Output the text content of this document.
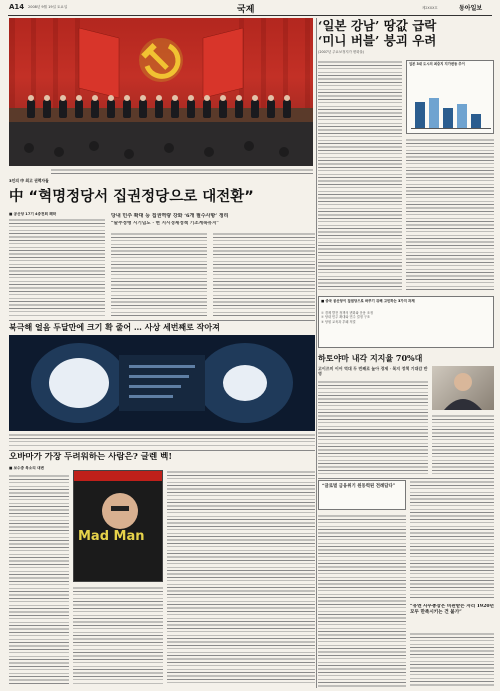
A14 2008년 9월 19일 토요일	국제	제2XXX호	동아일보
3인의 中 최고 권력자들
‘일본 강남’ 땅값 급락
‘미니 버블’ 붕괴 우려
(2007년 주요보정지가 변화율)
일본 3대 도시의 최중지 지가변동 추이
中 “혁명정당서 집권정당으로 대전환”
■ 공산당 17기 4중전회 폐막	당내 민주 확대 등 집권역량 강화 ‘6개 필수사항’ 정리
“술주정뱅 시기넘도 · 현 지시경제정책 기조계속유지”
■ 중국 공산당이 집권당으로 바꾸기 위해 고민하는 3가지 과제
① 경제 발전 정책의 변화와 운용 조정
② 당내 민주 확대와 민주 결정 구조
③ 당원 교육과 부패 척결
하토야마 내각 지지율 70%대
고이즈미 이어 역대 두 번째로 높아 경제 · 복지 정책 기대감 반영
북극해 얼음 두달만에 크기 확 줄어 … 사상 세번째로 작아져
오바마가 가장 두려워하는 사람은? 글렌 벡!
■ 보수층 목소리 대변
Mad Man
“글로벌 금융위기 원동력된 전례답다”
“유엔 사무총장은 비판받는 자리 1920년 모두 만족시키는 건 불가”
